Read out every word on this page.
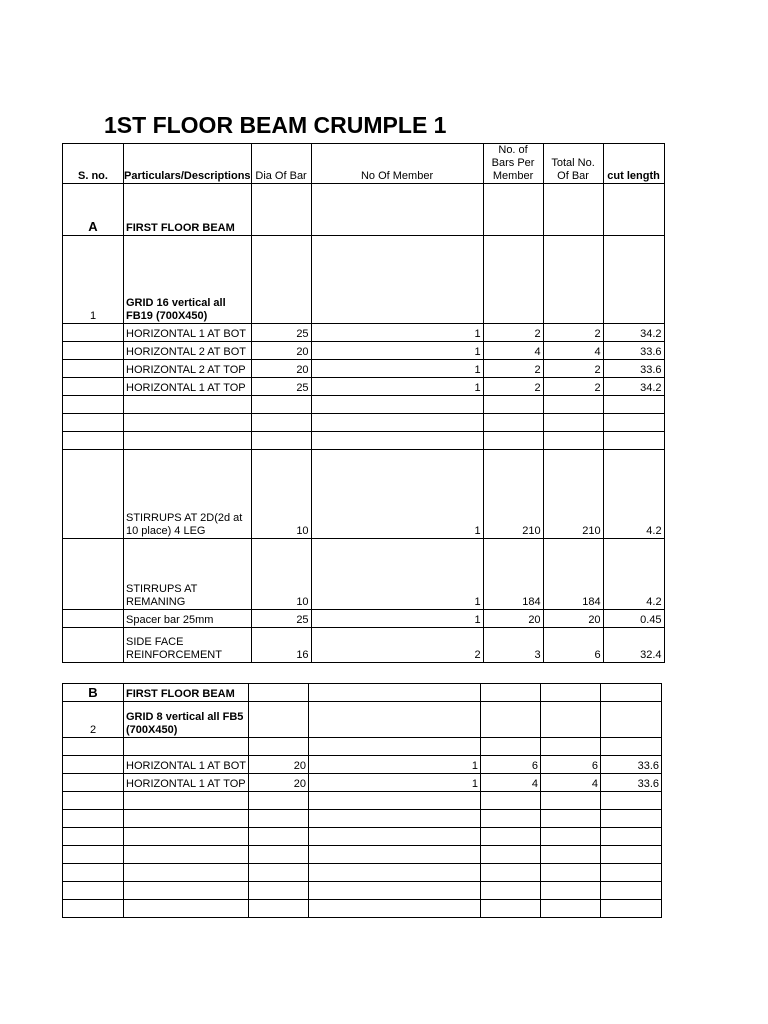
1ST FLOOR BEAM CRUMPLE 1
S. no.	Particulars/Descriptions	Dia Of Bar	No Of Member	No. of Bars Per Member	Total No. Of Bar	cut length
A	FIRST FLOOR BEAM					
1	GRID 16 vertical all FB19 (700X450)					
	HORIZONTAL 1 AT BOT	25	1	2	2	34.2
	HORIZONTAL 2 AT BOT	20	1	4	4	33.6
	HORIZONTAL 2 AT TOP	20	1	2	2	33.6
	HORIZONTAL 1 AT TOP	25	1	2	2	34.2

	STIRRUPS AT 2D(2d at 10 place) 4 LEG	10	1	210	210	4.2
	STIRRUPS AT REMANING	10	1	184	184	4.2
	Spacer bar 25mm	25	1	20	20	0.45
	SIDE FACE REINFORCEMENT	16	2	3	6	32.4
B	FIRST FLOOR BEAM					
2	GRID 8 vertical all FB5 (700X450)					

	HORIZONTAL 1 AT BOT	20	1	6	6	33.6
	HORIZONTAL 1 AT TOP	20	1	4	4	33.6
